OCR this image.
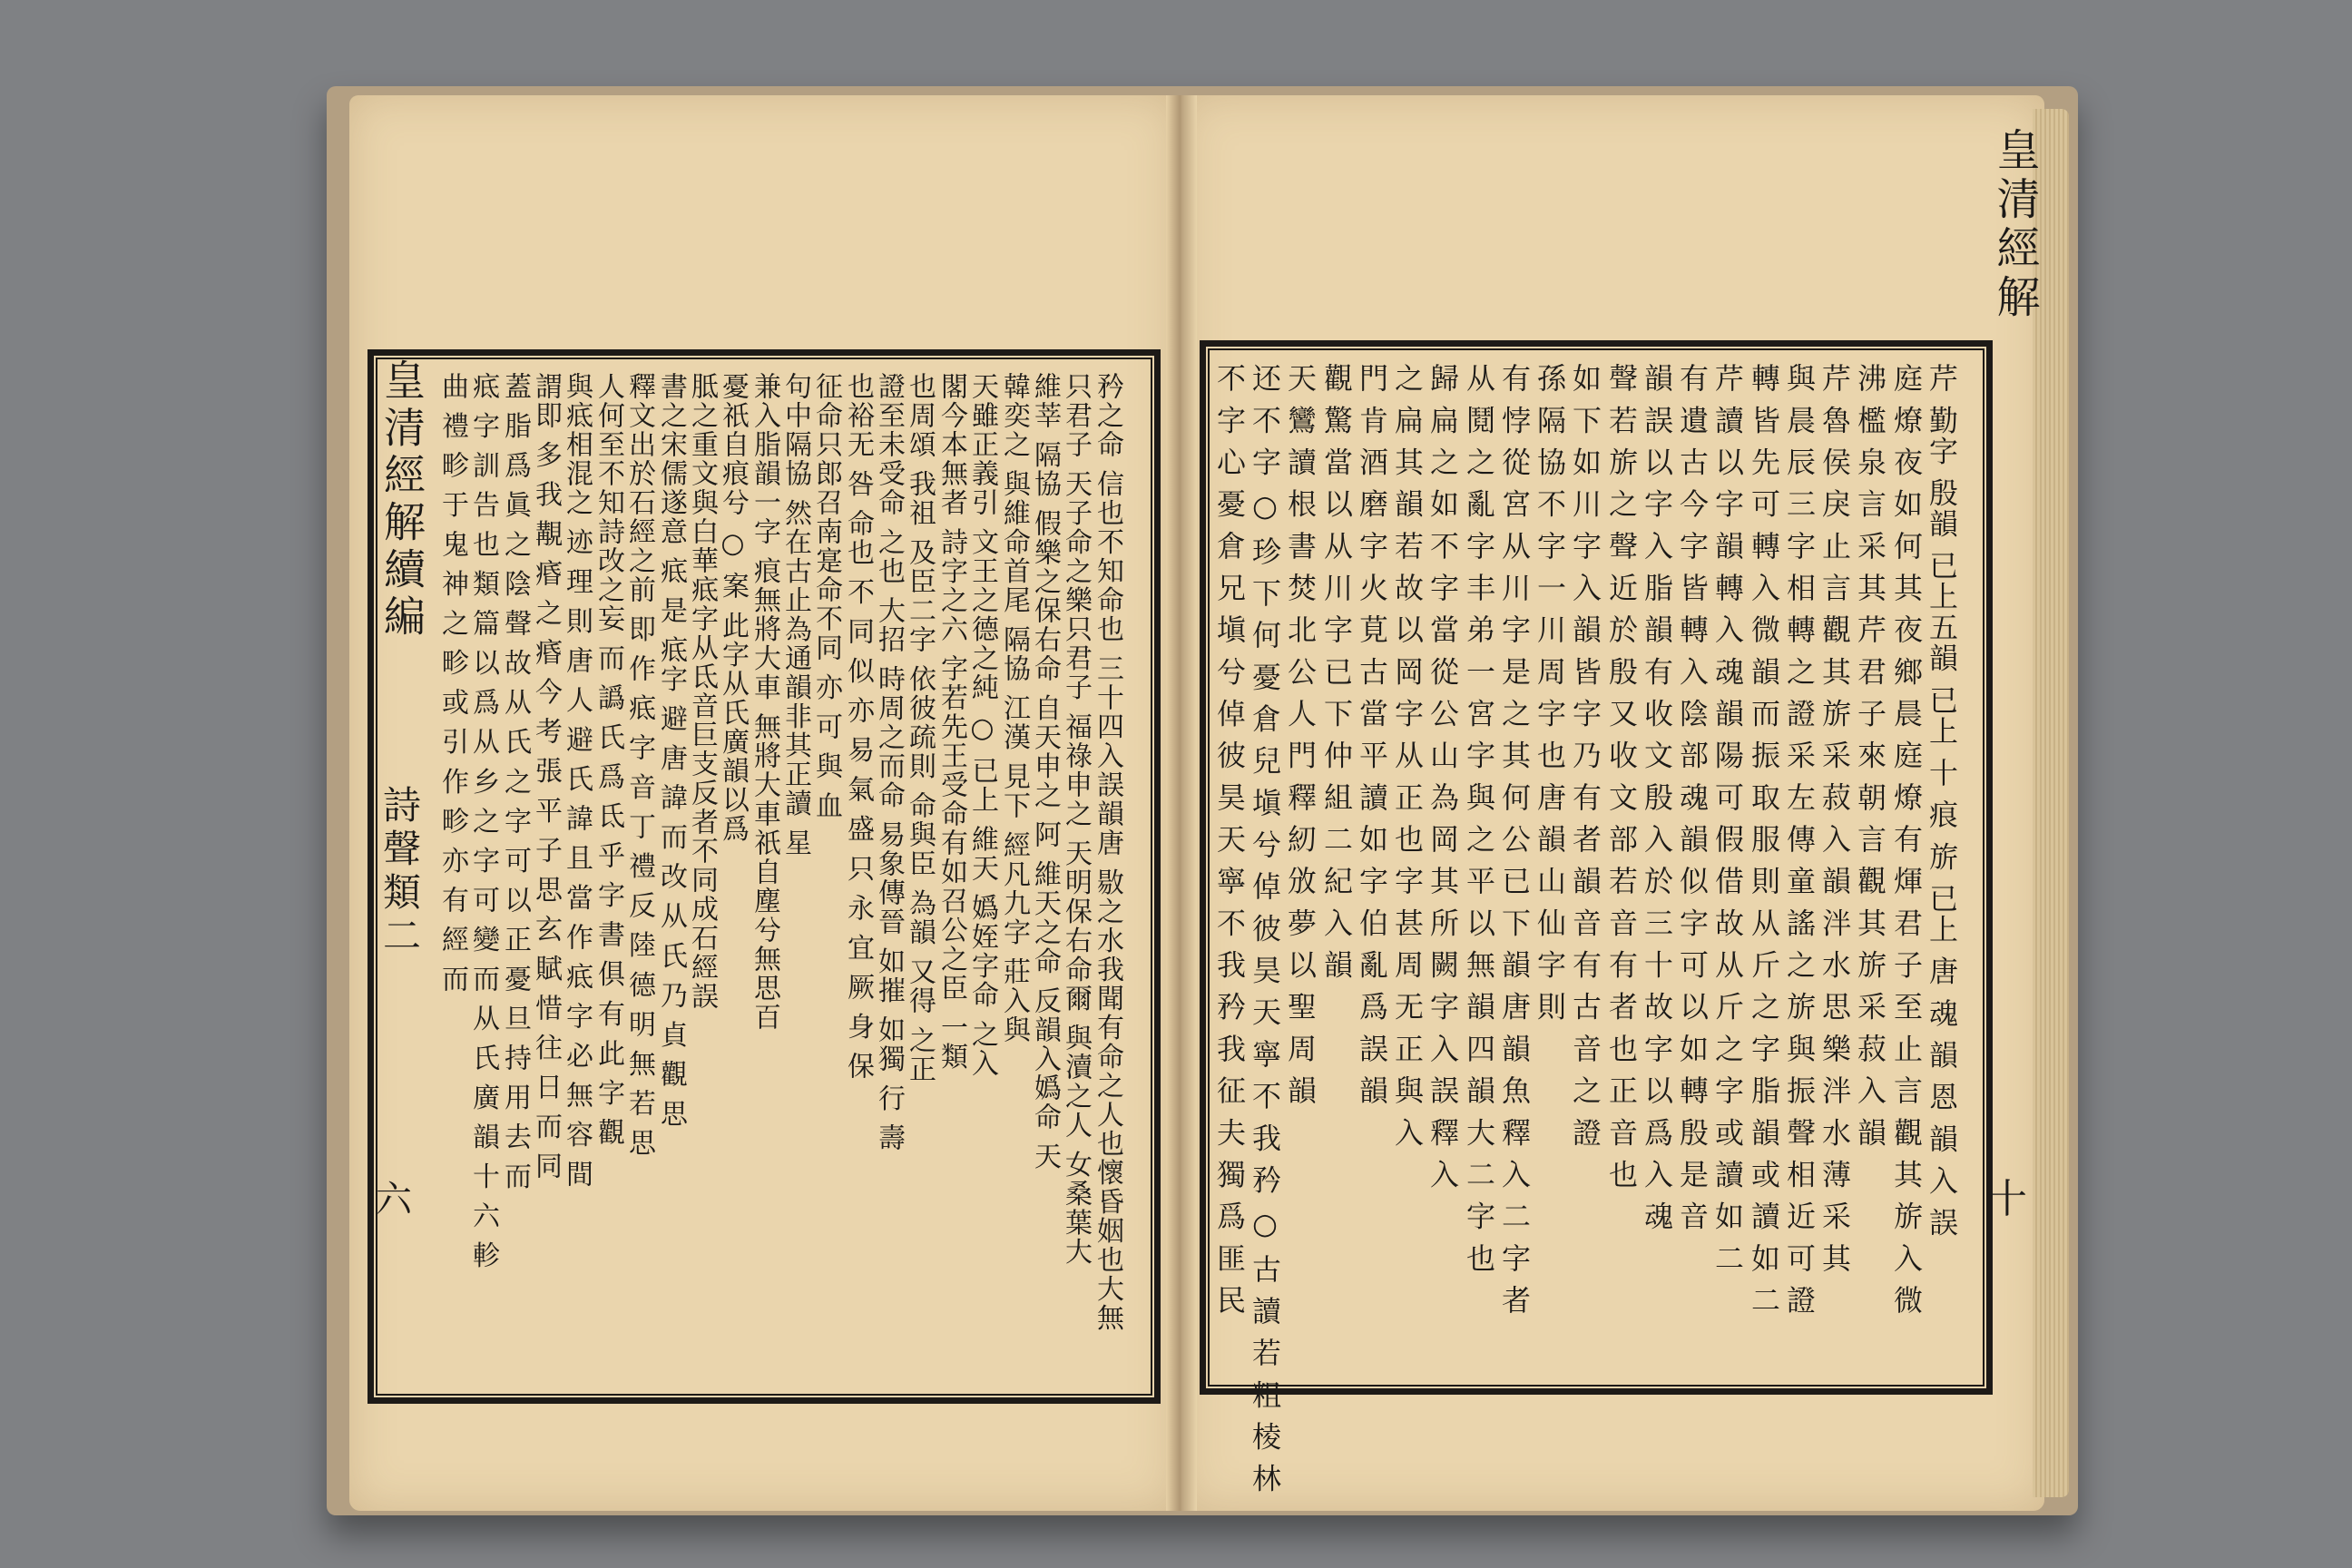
皇清經解續編
詩聲類二
六	矜之命 信也不知命也 三十四入誤韻唐 敭之水我聞有命之人也懷昏姻也大無
只君子 天子命之樂只君子 福祿申之 天明保右命爾 與瀆之人 女桑葉大
維莘 隔協 假樂之保右命 自天申之 阿 維天之命 反韻入嬀命 天
韓奕之 與維命首尾 隔協 江漢 見下 經凡九字 莊入與
天雖正義引 文王之德之純 ○ 已上 維天 嬀姪字命 之入
閣今本無者 詩字之六 字若先王受命有如召公之臣 一類
也周頌 我祖 及臣二字 依彼疏則 命與臣 為韻 又得 之正
證至未受命 之也 大招 時周之而命 易象傳晉 如摧 如獨 行 壽
也裕无 咎 命也 不 同 似 亦 易 氣 盛 只 永 宜 厥 身 保
征命只郎召南寔命不同 亦 可 與 血
句中隔協 然在古止為通韻非其正讀 星
兼入脂韻一字 痕無將大車 無將大車祇自塵兮無思百
憂祇自痕兮 ○ 案 此字从氏廣韻以爲
胝之重文與白華疷字从氐音巨支反者不同成石經誤
書之宋儒遂意 疷 是 疷字 避 唐 諱 而 改 从 氏 乃 貞 觀 思
釋文出於石經之前 即 作 疷 字 音 丁 禮 反 陸 德 明 無 若 思
人何至不知詩改之妄 而 譌 氏 爲 氐 乎 字 書 俱 有 此 字 觀
與疷相混之 迹 理 則 唐 人 避 氏 諱 且 當 作 疷 字 必 無 容 間
謂即 多 我 覯 痻 之 痻 今 考 張 平 子 思 玄 賦 惜 往 日 而 同
蓋 脂 爲 眞 之 陰 聲 故 从 氏 之 字 可 以 正 憂 旦 持 用 去 而
疷 字 訓 告 也 類 篇 以 爲 从 乡 之 字 可 變 而 从 氏 廣 韻 十 六 軫
曲 禮 畛 于 鬼 神 之 畛 或 引 作 畛 亦 有 經 而
皇清經解
十
芹 勤字 殷韻 已上五韻 已上 十 痕 旂 已上 唐 魂 韻 恩 韻 入 誤
庭 燎 夜 如 何 其 夜 鄉 晨 庭 燎 有 煇 君 子 至 止 言 觀 其 旂 入 微
沸 檻 泉 言 采 其 芹 君 子 來 朝 言 觀 其 旂 采 菽 入 韻
芹 魯 侯 戾 止 言 觀 其 旂 采 菽 入 韻 泮 水 思 樂 泮 水 薄 采 其
與 晨 辰 三 字 相 轉 之 證 采 左 傳 童 謠 之 旂 與 振 聲 相 近 可 證
轉 皆 先 可 轉 入 微 韻 而 振 取 服 則 从 斤 之 字 脂 韻 或 讀 如 二
芹 讀 以 字 韻 轉 入 魂 韻 陽 可 假 借 故 从 斤 之 字 或 讀 如 二
有 遺 古 今 字 皆 轉 入 陰 部 魂 韻 似 字 可 以 如 轉 殷 是 音
韻 誤 以 字 入 脂 韻 有 收 文 殷 入 於 三 十 故 字 以 爲 入 魂
聲 若 旂 之 聲 近 於 殷 又 收 文 部 若 音 有 者 也 正 音 也
如 下 如 川 字 入 韻 皆 字 乃 有 者 韻 音 有 古 音 之 證
孫 隔 協 不 字 一 川 周 字 也 唐 韻 山 仙 字 則
有 悖 從 宮 从 川 字 是 之 其 何 公 已 下 韻 唐 韻 魚 釋 入 二 字 者
从 鬩 之 亂 字 丰 弟 一 宮 字 與 之 平 以 無 韻 四 韻 大 二 字 也
歸 扁 之 如 不 字 當 從 公 山 為 岡 其 所 闕 字 入 誤 釋 入
之 扁 其 韻 若 故 以 岡 字 从 正 也 字 甚 周 无 正 與 入
門 肯 酒 磨 字 火 莧 古 當 平 讀 如 字 伯 亂 爲 誤 韻
觀 驚 當 以 从 川 字 已 下 仲 組 二 紀 入 韻
天 鸞 讀 根 書 焚 北 公 人 門 釋 紉 攽 夢 以 聖 周 韻
还 不 字 ○ 珍 下 何 憂 倉 兒 塡 兮 倬 彼 昊 天 寧 不 我 矜 ○ 古 讀 若 粗 棱 林
不 字 心 憂 倉 兄 塡 兮 倬 彼 昊 天 寧 不 我 矜 我 征 夫 獨 爲 匪 民
